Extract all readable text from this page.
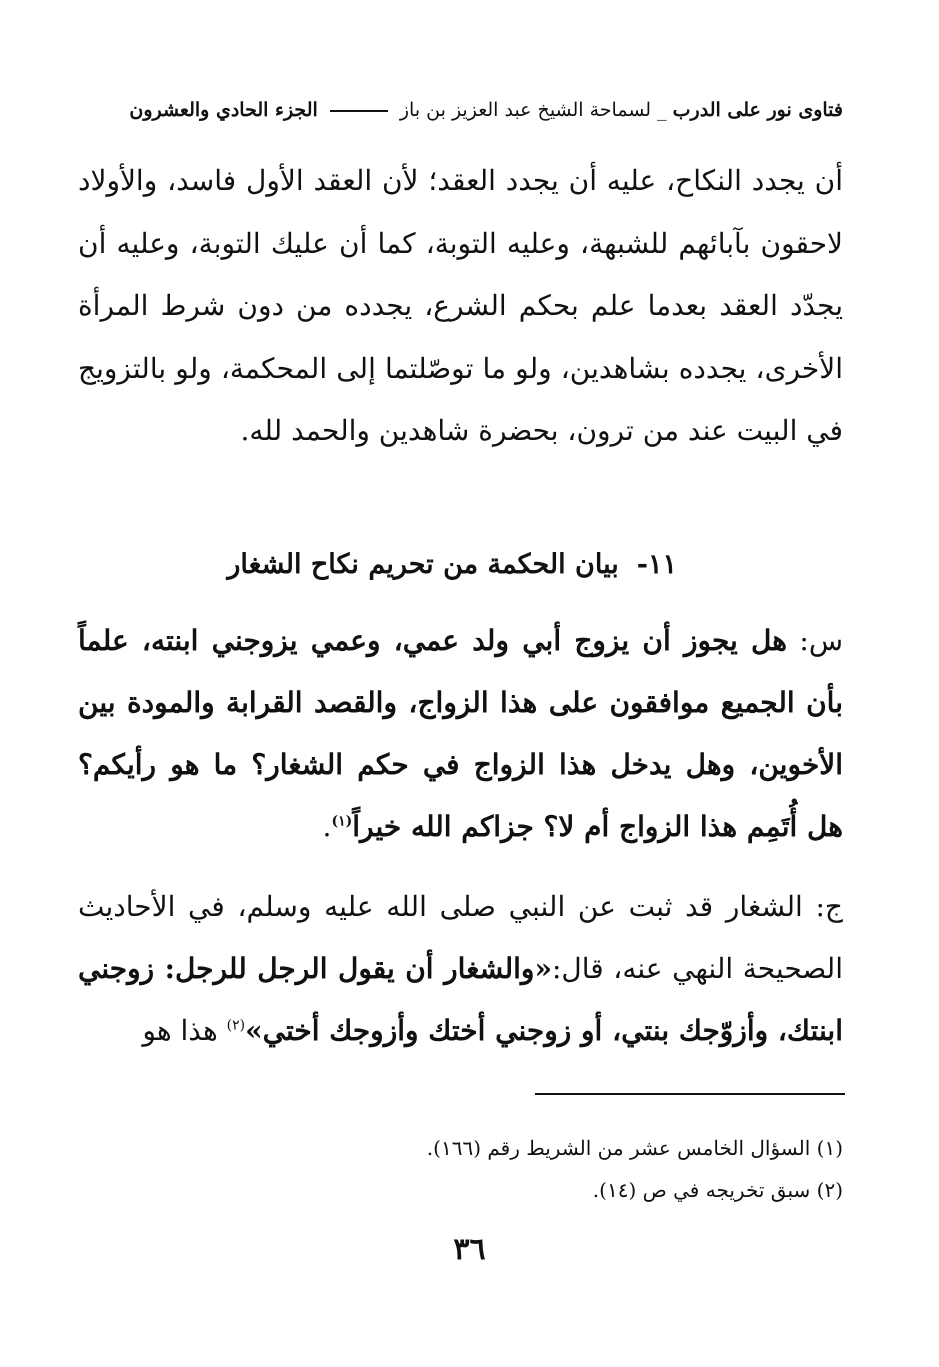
فتاوى نور على الدرب _ لسماحة الشيخ عبد العزيز بن باز  الجزء الحادي والعشرون

أن يجدد النكاح، عليه أن يجدد العقد؛ لأن العقد الأول فاسد، والأولاد لاحقون بآبائهم للشبهة، وعليه التوبة، كما أن عليك التوبة، وعليه أن يجدّد العقد بعدما علم بحكم الشرع، يجدده من دون شرط المرأة الأخرى، يجدده بشاهدين، ولو ما توصّلتما إلى المحكمة، ولو بالتزويج في البيت عند من ترون، بحضرة شاهدين والحمد لله.

١١-بيان الحكمة من تحريم نكاح الشغار

س: هل يجوز أن يزوج أبي ولد عمي، وعمي يزوجني ابنته، علماً بأن الجميع موافقون على هذا الزواج، والقصد القرابة والمودة بين الأخوين، وهل يدخل هذا الزواج في حكم الشغار؟ ما هو رأيكم؟ هل أُتَمِم هذا الزواج أم لا؟ جزاكم الله خيراً$^{(١)}$.

ج: الشغار قد ثبت عن النبي صلى الله عليه وسلم، في الأحاديث الصحيحة النهي عنه، قال:«والشغار أن يقول الرجل للرجل: زوجني ابنتك، وأزوّجك بنتي، أو زوجني أختك وأزوجك أختي»$^{(٢)}$ هذا هو

(١) السؤال الخامس عشر من الشريط رقم (١٦٦).
(٢) سبق تخريجه في ص (١٤).
٣٦
